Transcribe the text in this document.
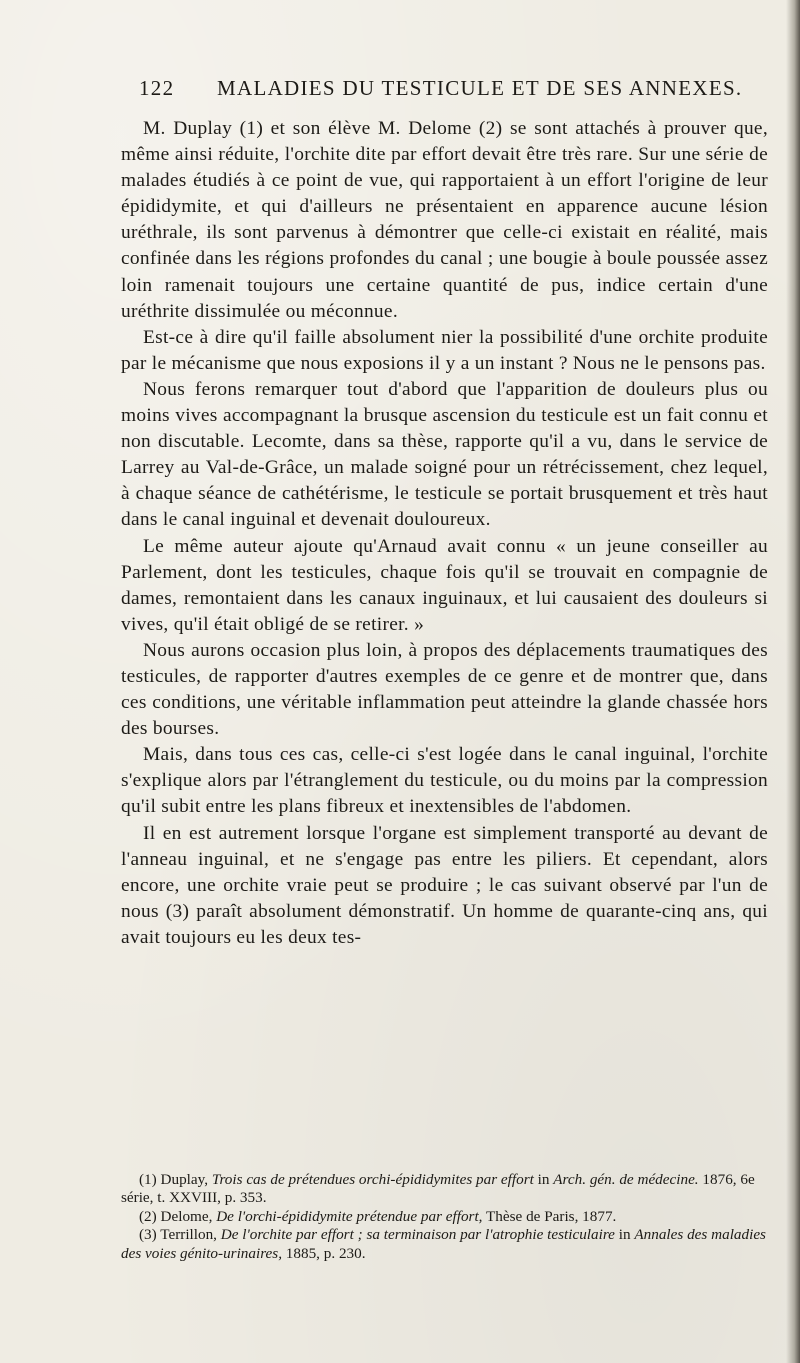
122 MALADIES DU TESTICULE ET DE SES ANNEXES.

M. Duplay (1) et son élève M. Delome (2) se sont attachés à prouver que, même ainsi réduite, l'orchite dite par effort devait être très rare. Sur une série de malades étudiés à ce point de vue, qui rapportaient à un effort l'origine de leur épididymite, et qui d'ailleurs ne présentaient en apparence aucune lésion uréthrale, ils sont parvenus à démontrer que celle-ci existait en réalité, mais confinée dans les régions profondes du canal ; une bougie à boule poussée assez loin ramenait toujours une certaine quantité de pus, indice certain d'une uréthrite dissimulée ou méconnue.

Est-ce à dire qu'il faille absolument nier la possibilité d'une orchite produite par le mécanisme que nous exposions il y a un instant ? Nous ne le pensons pas.

Nous ferons remarquer tout d'abord que l'apparition de douleurs plus ou moins vives accompagnant la brusque ascension du testicule est un fait connu et non discutable. Lecomte, dans sa thèse, rapporte qu'il a vu, dans le service de Larrey au Val-de-Grâce, un malade soigné pour un rétrécissement, chez lequel, à chaque séance de cathétérisme, le testicule se portait brusquement et très haut dans le canal inguinal et devenait douloureux.

Le même auteur ajoute qu'Arnaud avait connu « un jeune conseiller au Parlement, dont les testicules, chaque fois qu'il se trouvait en compagnie de dames, remontaient dans les canaux inguinaux, et lui causaient des douleurs si vives, qu'il était obligé de se retirer. »

Nous aurons occasion plus loin, à propos des déplacements traumatiques des testicules, de rapporter d'autres exemples de ce genre et de montrer que, dans ces conditions, une véritable inflammation peut atteindre la glande chassée hors des bourses.

Mais, dans tous ces cas, celle-ci s'est logée dans le canal inguinal, l'orchite s'explique alors par l'étranglement du testicule, ou du moins par la compression qu'il subit entre les plans fibreux et inextensibles de l'abdomen.

Il en est autrement lorsque l'organe est simplement transporté au devant de l'anneau inguinal, et ne s'engage pas entre les piliers. Et cependant, alors encore, une orchite vraie peut se produire ; le cas suivant observé par l'un de nous (3) paraît absolument démonstratif. Un homme de quarante-cinq ans, qui avait toujours eu les deux tes-

(1) Duplay, Trois cas de prétendues orchi-épididymites par effort in Arch. gén. de médecine. 1876, 6e série, t. XXVIII, p. 353.

(2) Delome, De l'orchi-épididymite prétendue par effort, Thèse de Paris, 1877.

(3) Terrillon, De l'orchite par effort ; sa terminaison par l'atrophie testiculaire in Annales des maladies des voies génito-urinaires, 1885, p. 230.
